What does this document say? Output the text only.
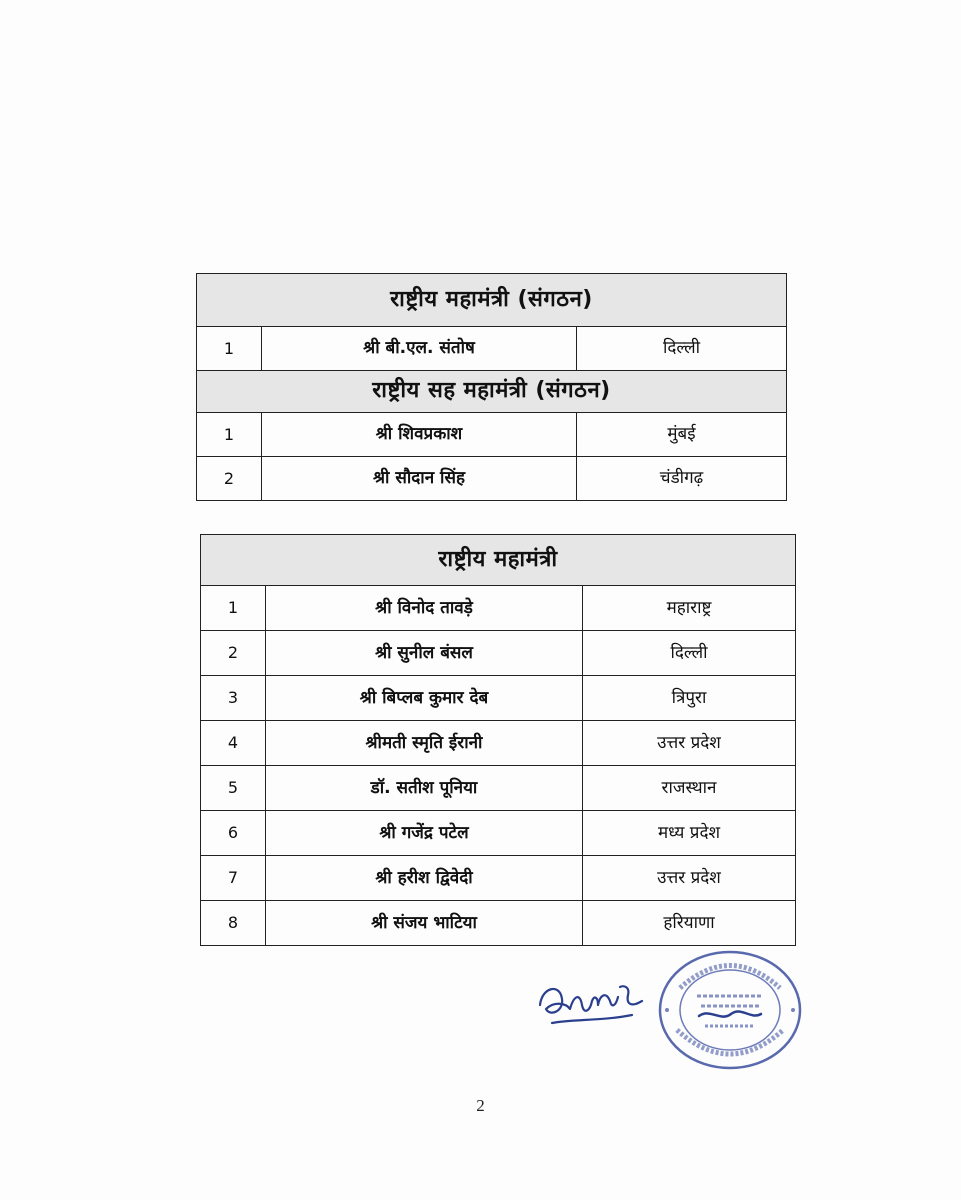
राष्ट्रीय महामंत्री (संगठन)		
1	श्री बी.एल. संतोष	दिल्ली
राष्ट्रीय सह महामंत्री (संगठन)		
1	श्री शिवप्रकाश	मुंबई
2	श्री सौदान सिंह	चंडीगढ़
राष्ट्रीय महामंत्री		
1	श्री विनोद तावड़े	महाराष्ट्र
2	श्री सुनील बंसल	दिल्ली
3	श्री बिप्लब कुमार देब	त्रिपुरा
4	श्रीमती स्मृति ईरानी	उत्तर प्रदेश
5	डॉ. सतीश पूनिया	राजस्थान
6	श्री गजेंद्र पटेल	मध्य प्रदेश
7	श्री हरीश द्विवेदी	उत्तर प्रदेश
8	श्री संजय भाटिया	हरियाणा
2
